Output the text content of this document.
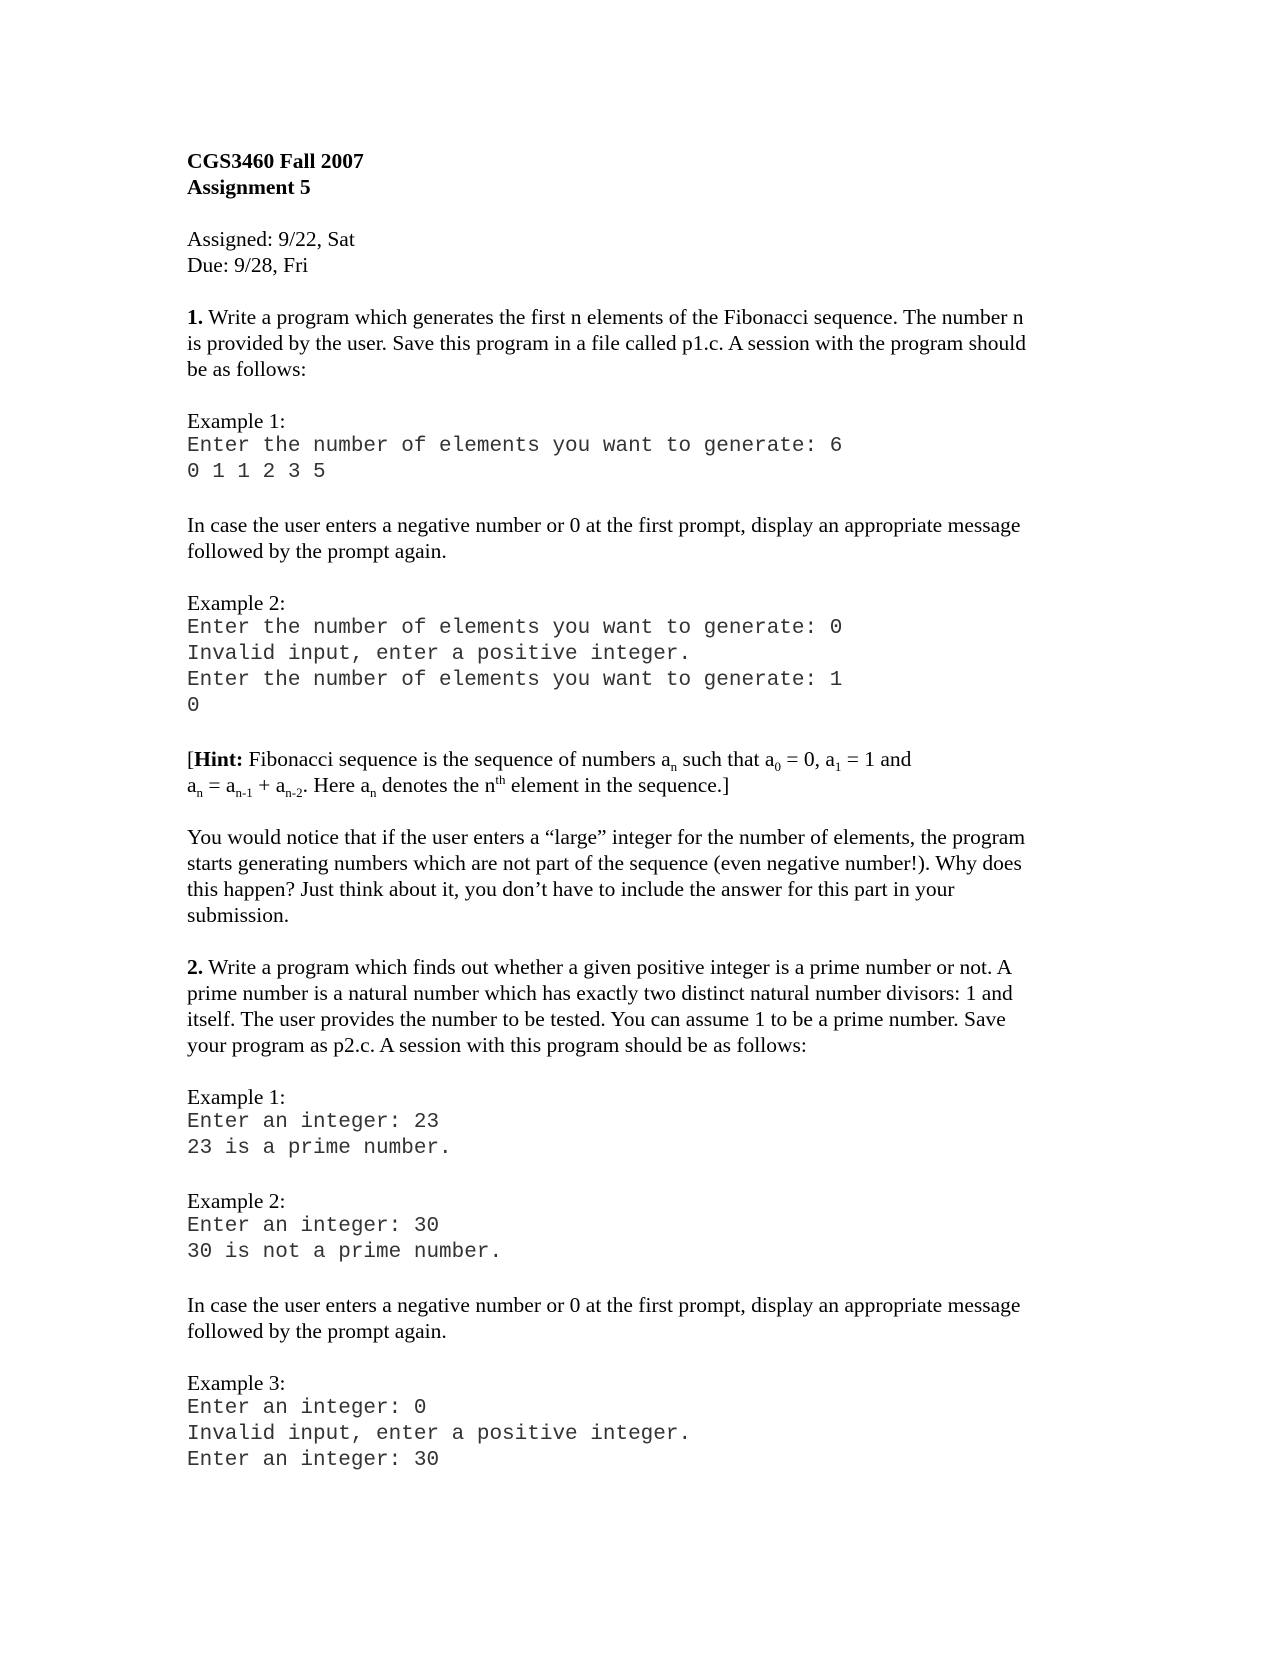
CGS3460 Fall 2007
Assignment 5
Assigned: 9/22, Sat
Due: 9/28, Fri
1. Write a program which generates the first n elements of the Fibonacci sequence. The number n
is provided by the user. Save this program in a file called p1.c. A session with the program should
be as follows:
Example 1:
Enter the number of elements you want to generate: 6
0 1 1 2 3 5
In case the user enters a negative number or 0 at the first prompt, display an appropriate message
followed by the prompt again.
Example 2:
Enter the number of elements you want to generate: 0
Invalid input, enter a positive integer.
Enter the number of elements you want to generate: 1
0
[Hint: Fibonacci sequence is the sequence of numbers $a_n$ such that $a_0 = 0$, $a_1 = 1$ and
$a_n = a_{n-1} + a_{n-2}$. Here $a_n$ denotes the $n^{th}$ element in the sequence.]
You would notice that if the user enters a “large” integer for the number of elements, the program
starts generating numbers which are not part of the sequence (even negative number!). Why does
this happen? Just think about it, you don’t have to include the answer for this part in your
submission.
2. Write a program which finds out whether a given positive integer is a prime number or not. A
prime number is a natural number which has exactly two distinct natural number divisors: 1 and
itself. The user provides the number to be tested. You can assume 1 to be a prime number. Save
your program as p2.c. A session with this program should be as follows:
Example 1:
Enter an integer: 23
23 is a prime number.
Example 2:
Enter an integer: 30
30 is not a prime number.
In case the user enters a negative number or 0 at the first prompt, display an appropriate message
followed by the prompt again.
Example 3:
Enter an integer: 0
Invalid input, enter a positive integer.
Enter an integer: 30
